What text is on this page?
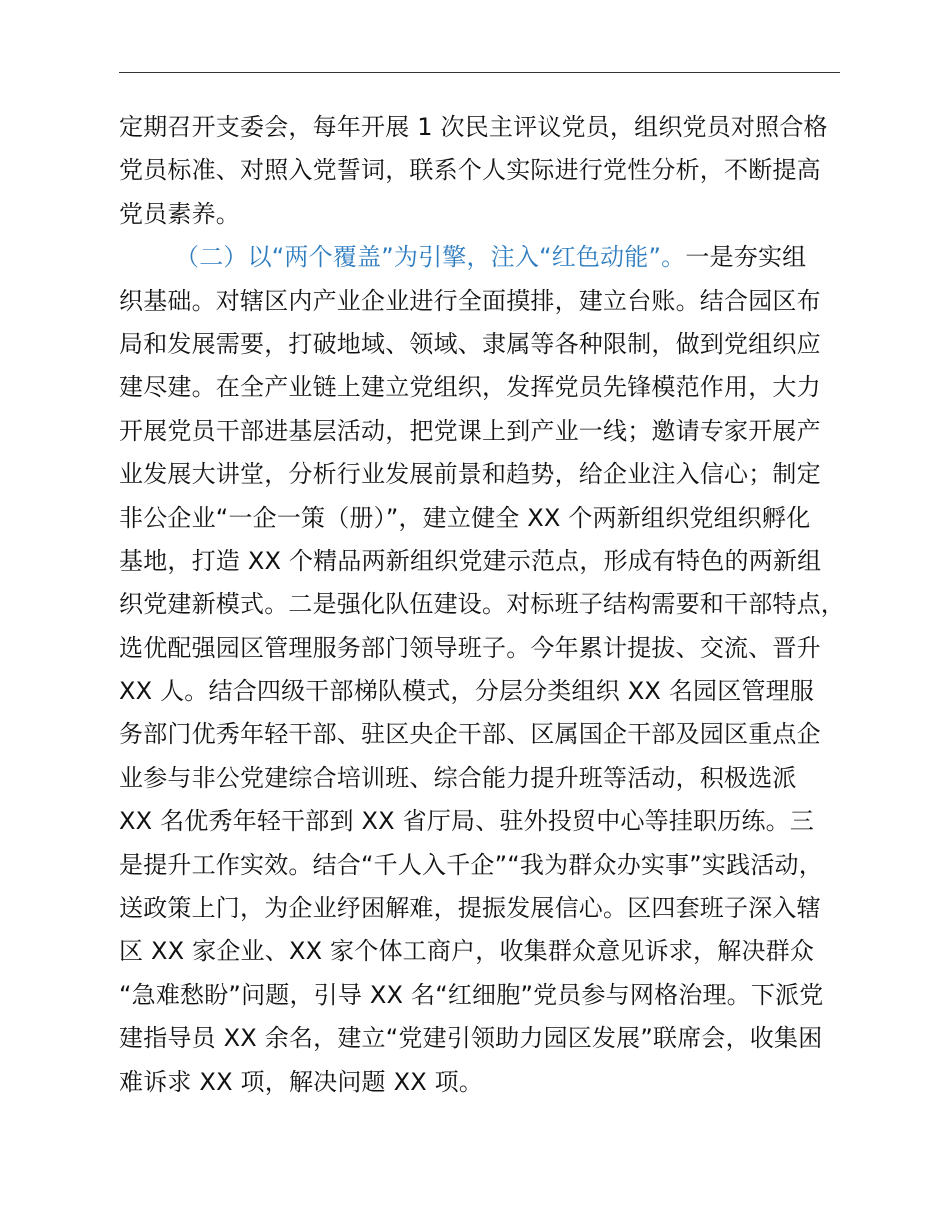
定期召开支委会，每年开展 1 次民主评议党员，组织党员对照合格
党员标准、对照入党誓词，联系个人实际进行党性分析，不断提高
党员素养。
（二）以“两个覆盖”为引擎，注入“红色动能”。一是夯实组
织基础。对辖区内产业企业进行全面摸排，建立台账。结合园区布
局和发展需要，打破地域、领域、隶属等各种限制，做到党组织应
建尽建。在全产业链上建立党组织，发挥党员先锋模范作用，大力
开展党员干部进基层活动，把党课上到产业一线；邀请专家开展产
业发展大讲堂，分析行业发展前景和趋势，给企业注入信心；制定
非公企业“一企一策（册）”，建立健全 XX 个两新组织党组织孵化
基地，打造 XX 个精品两新组织党建示范点，形成有特色的两新组
织党建新模式。二是强化队伍建设。对标班子结构需要和干部特点，
选优配强园区管理服务部门领导班子。今年累计提拔、交流、晋升
XX 人。结合四级干部梯队模式，分层分类组织 XX 名园区管理服
务部门优秀年轻干部、驻区央企干部、区属国企干部及园区重点企
业参与非公党建综合培训班、综合能力提升班等活动，积极选派
XX 名优秀年轻干部到 XX 省厅局、驻外投贸中心等挂职历练。三
是提升工作实效。结合“千人入千企”“我为群众办实事”实践活动，
送政策上门，为企业纾困解难，提振发展信心。区四套班子深入辖
区 XX 家企业、XX 家个体工商户，收集群众意见诉求，解决群众
“急难愁盼”问题，引导 XX 名“红细胞”党员参与网格治理。下派党
建指导员 XX 余名，建立“党建引领助力园区发展”联席会，收集困
难诉求 XX 项，解决问题 XX 项。
